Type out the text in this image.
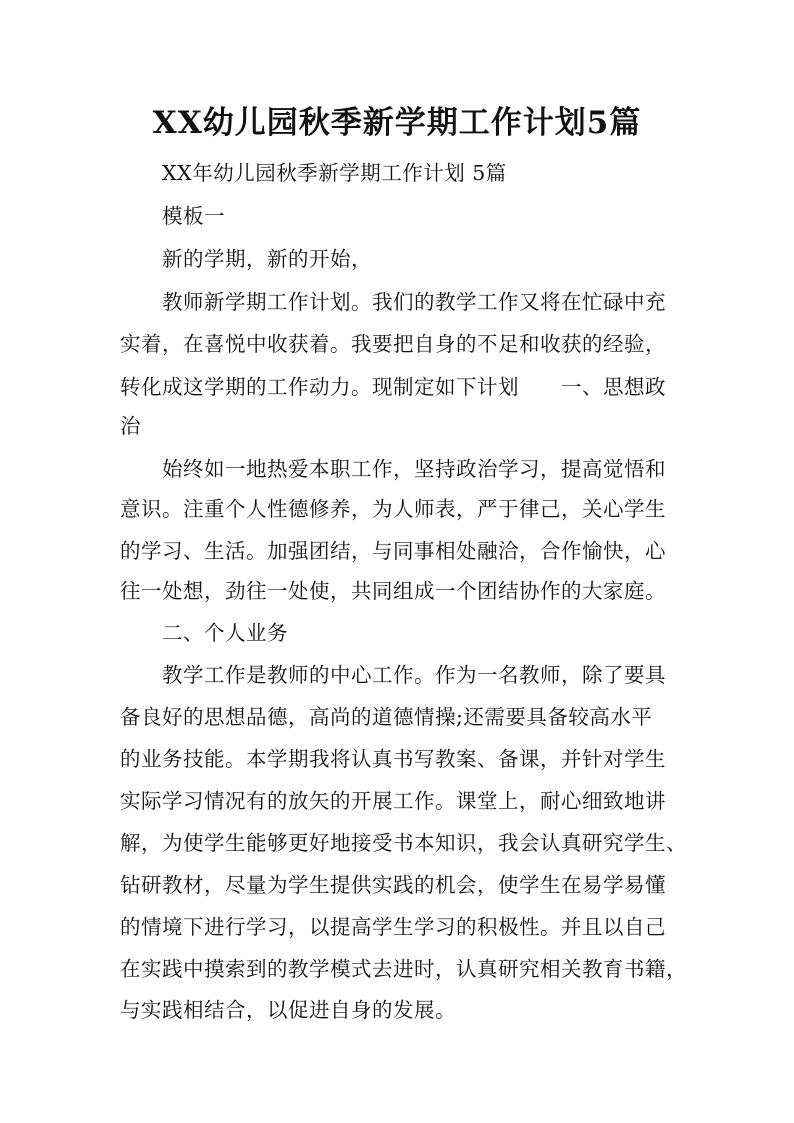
XX幼儿园秋季新学期工作计划5篇
XX年幼儿园秋季新学期工作计划 5篇
模板一
新的学期，新的开始，
教师新学期工作计划。我们的教学工作又将在忙碌中充
实着，在喜悦中收获着。我要把自身的不足和收获的经验，
转化成这学期的工作动力。现制定如下计划　　一、思想政
治
始终如一地热爱本职工作，坚持政治学习，提高觉悟和
意识。注重个人性德修养，为人师表，严于律己，关心学生
的学习、生活。加强团结，与同事相处融洽，合作愉快，心
往一处想，劲往一处使，共同组成一个团结协作的大家庭。
二、个人业务
教学工作是教师的中心工作。作为一名教师，除了要具
备良好的思想品德，高尚的道德情操;还需要具备较高水平
的业务技能。本学期我将认真书写教案、备课，并针对学生
实际学习情况有的放矢的开展工作。课堂上，耐心细致地讲
解，为使学生能够更好地接受书本知识，我会认真研究学生、
钻研教材，尽量为学生提供实践的机会，使学生在易学易懂
的情境下进行学习，以提高学生学习的积极性。并且以自己
在实践中摸索到的教学模式去进时，认真研究相关教育书籍，
与实践相结合，以促进自身的发展。
